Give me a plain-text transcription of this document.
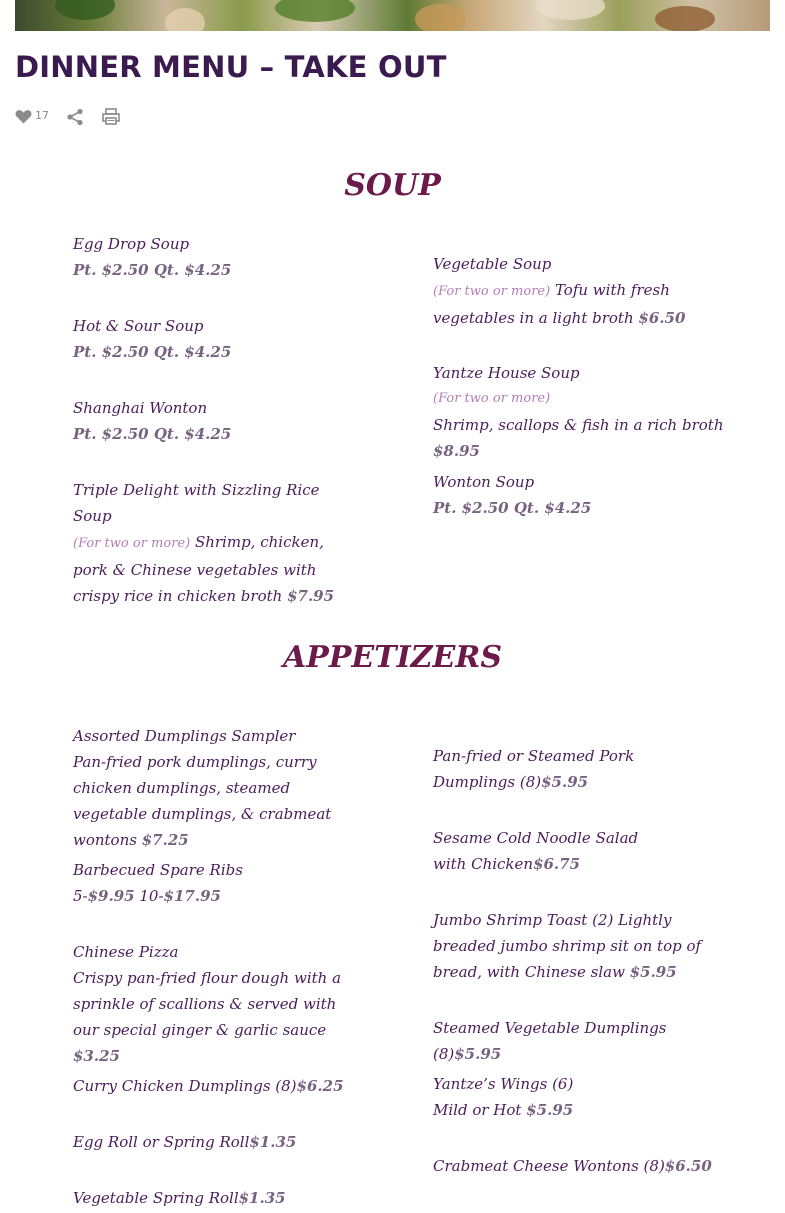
DINNER MENU – TAKE OUT
17
SOUP
Egg Drop Soup
Pt. $2.50 Qt. $4.25
Hot & Sour Soup
Pt. $2.50 Qt. $4.25
Shanghai Wonton
Pt. $2.50 Qt. $4.25
Triple Delight with Sizzling Rice Soup
(For two or more) Shrimp, chicken, pork & Chinese vegetables with crispy rice in chicken broth $7.95
Vegetable Soup
(For two or more) Tofu with fresh vegetables in a light broth $6.50
Yantze House Soup
(For two or more)
Shrimp, scallops & fish in a rich broth $8.95
Wonton Soup
Pt. $2.50 Qt. $4.25
APPETIZERS
Assorted Dumplings Sampler
Pan-fried pork dumplings, curry chicken dumplings, steamed vegetable dumplings, & crabmeat wontons $7.25
Barbecued Spare Ribs
5-$9.95 10-$17.95
Chinese Pizza
Crispy pan-fried flour dough with a sprinkle of scallions & served with our special ginger & garlic sauce $3.25
Curry Chicken Dumplings (8)$6.25
Egg Roll or Spring Roll$1.35
Vegetable Spring Roll$1.35
Pan-fried or Steamed Pork Dumplings (8)$5.95
Sesame Cold Noodle Salad with Chicken$6.75
Jumbo Shrimp Toast (2) Lightly breaded jumbo shrimp sit on top of bread, with Chinese slaw $5.95
Steamed Vegetable Dumplings (8)$5.95
Yantze’s Wings (6)
Mild or Hot $5.95
Crabmeat Cheese Wontons (8)$6.50
